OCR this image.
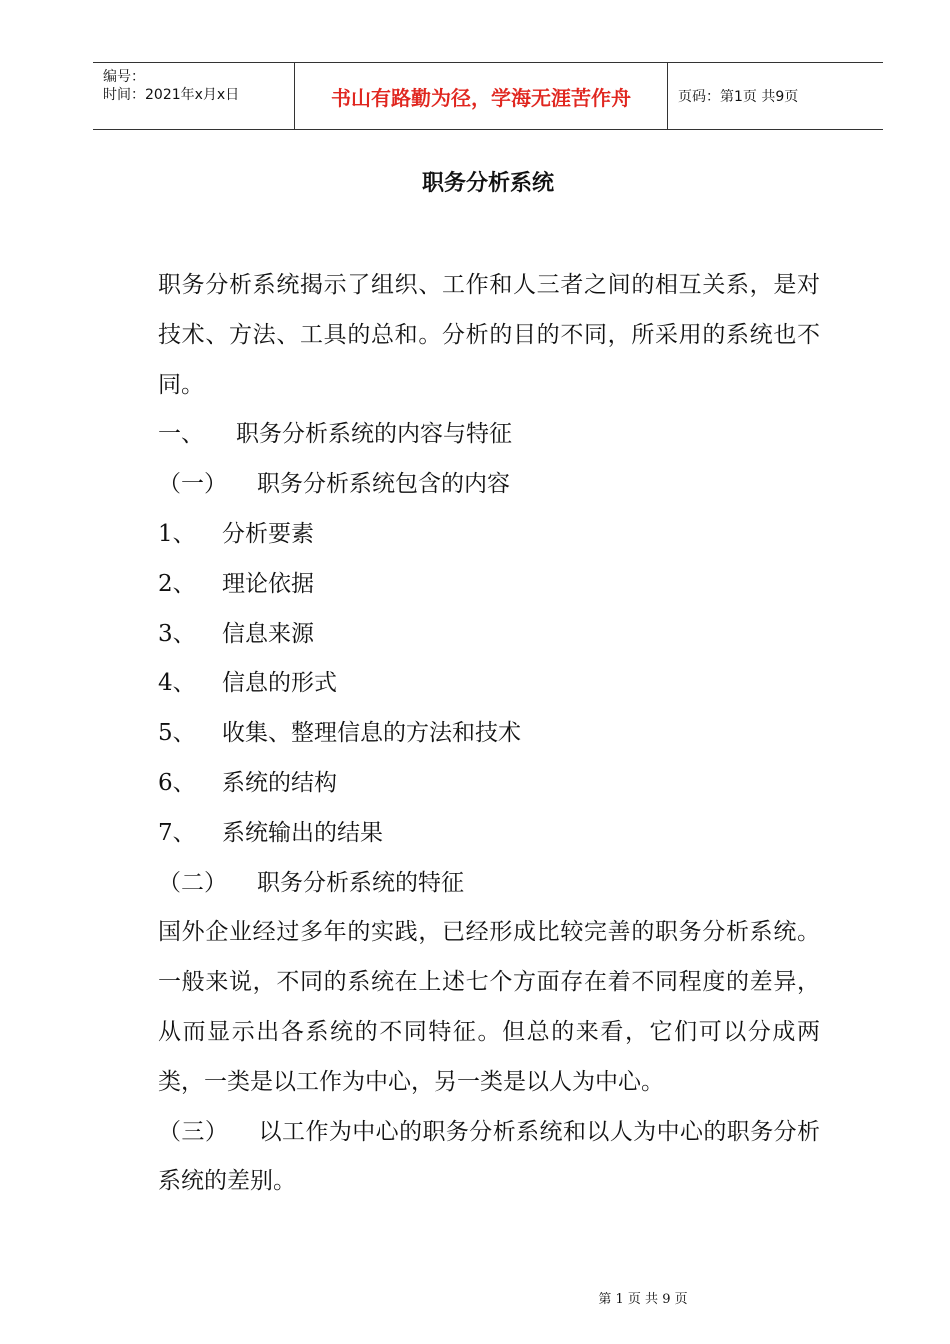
编号：
时间：2021年x月x日	书山有路勤为径，学海无涯苦作舟	页码：第1页 共9页
职务分析系统

职务分析系统揭示了组织、工作和人三者之间的相互关系，是对技术、方法、工具的总和。分析的目的不同，所采用的系统也不同。

一、 职务分析系统的内容与特征

（一） 职务分析系统包含的内容

1、 分析要素

2、 理论依据

3、 信息来源

4、 信息的形式

5、 收集、整理信息的方法和技术

6、 系统的结构

7、 系统输出的结果

（二） 职务分析系统的特征

国外企业经过多年的实践，已经形成比较完善的职务分析系统。一般来说，不同的系统在上述七个方面存在着不同程度的差异，从而显示出各系统的不同特征。但总的来看，它们可以分成两类，一类是以工作为中心，另一类是以人为中心。

（三） 以工作为中心的职务分析系统和以人为中心的职务分析系统的差别。

第 1 页 共 9 页
